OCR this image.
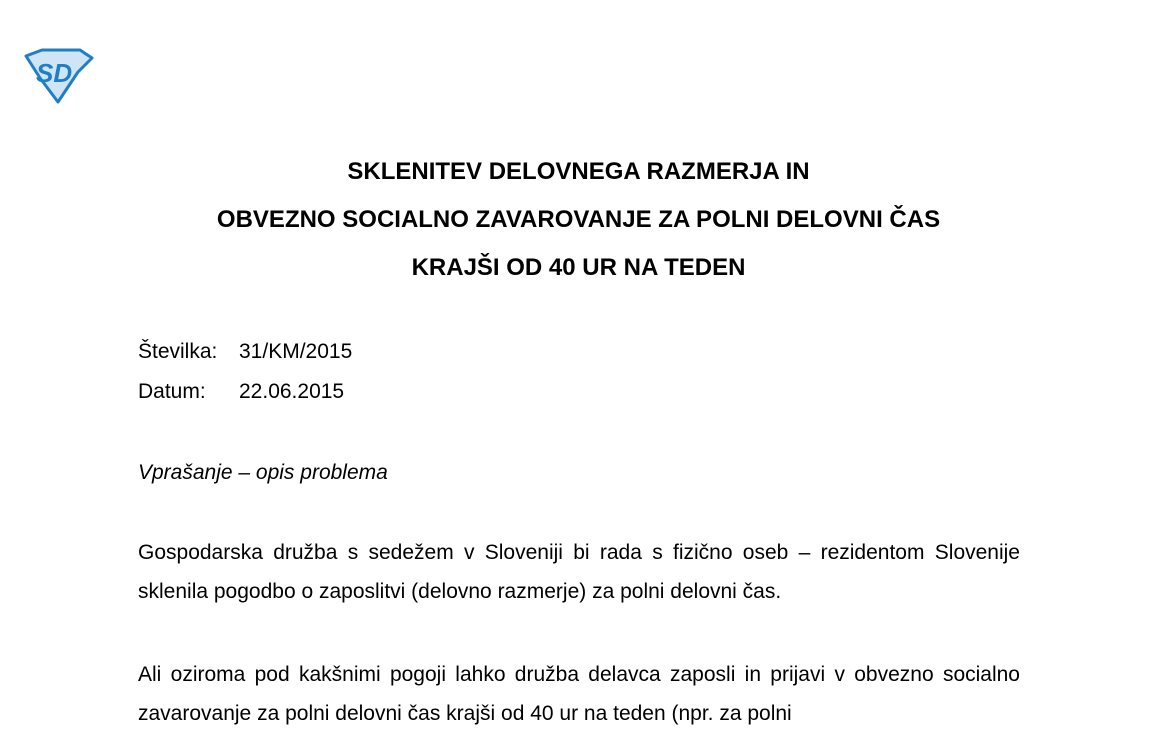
SD
SKLENITEV DELOVNEGA RAZMERJA IN
OBVEZNO SOCIALNO ZAVAROVANJE ZA POLNI DELOVNI ČAS
KRAJŠI OD 40 UR NA TEDEN
Številka: 31/KM/2015
Datum: 22.06.2015
Vprašanje – opis problema

Gospodarska družba s sedežem v Sloveniji bi rada s fizično oseb – rezidentom Slovenije sklenila pogodbo o zaposlitvi (delovno razmerje) za polni delovni čas.

Ali oziroma pod kakšnimi pogoji lahko družba delavca zaposli in prijavi v obvezno socialno zavarovanje za polni delovni čas krajši od 40 ur na teden (npr. za polni
